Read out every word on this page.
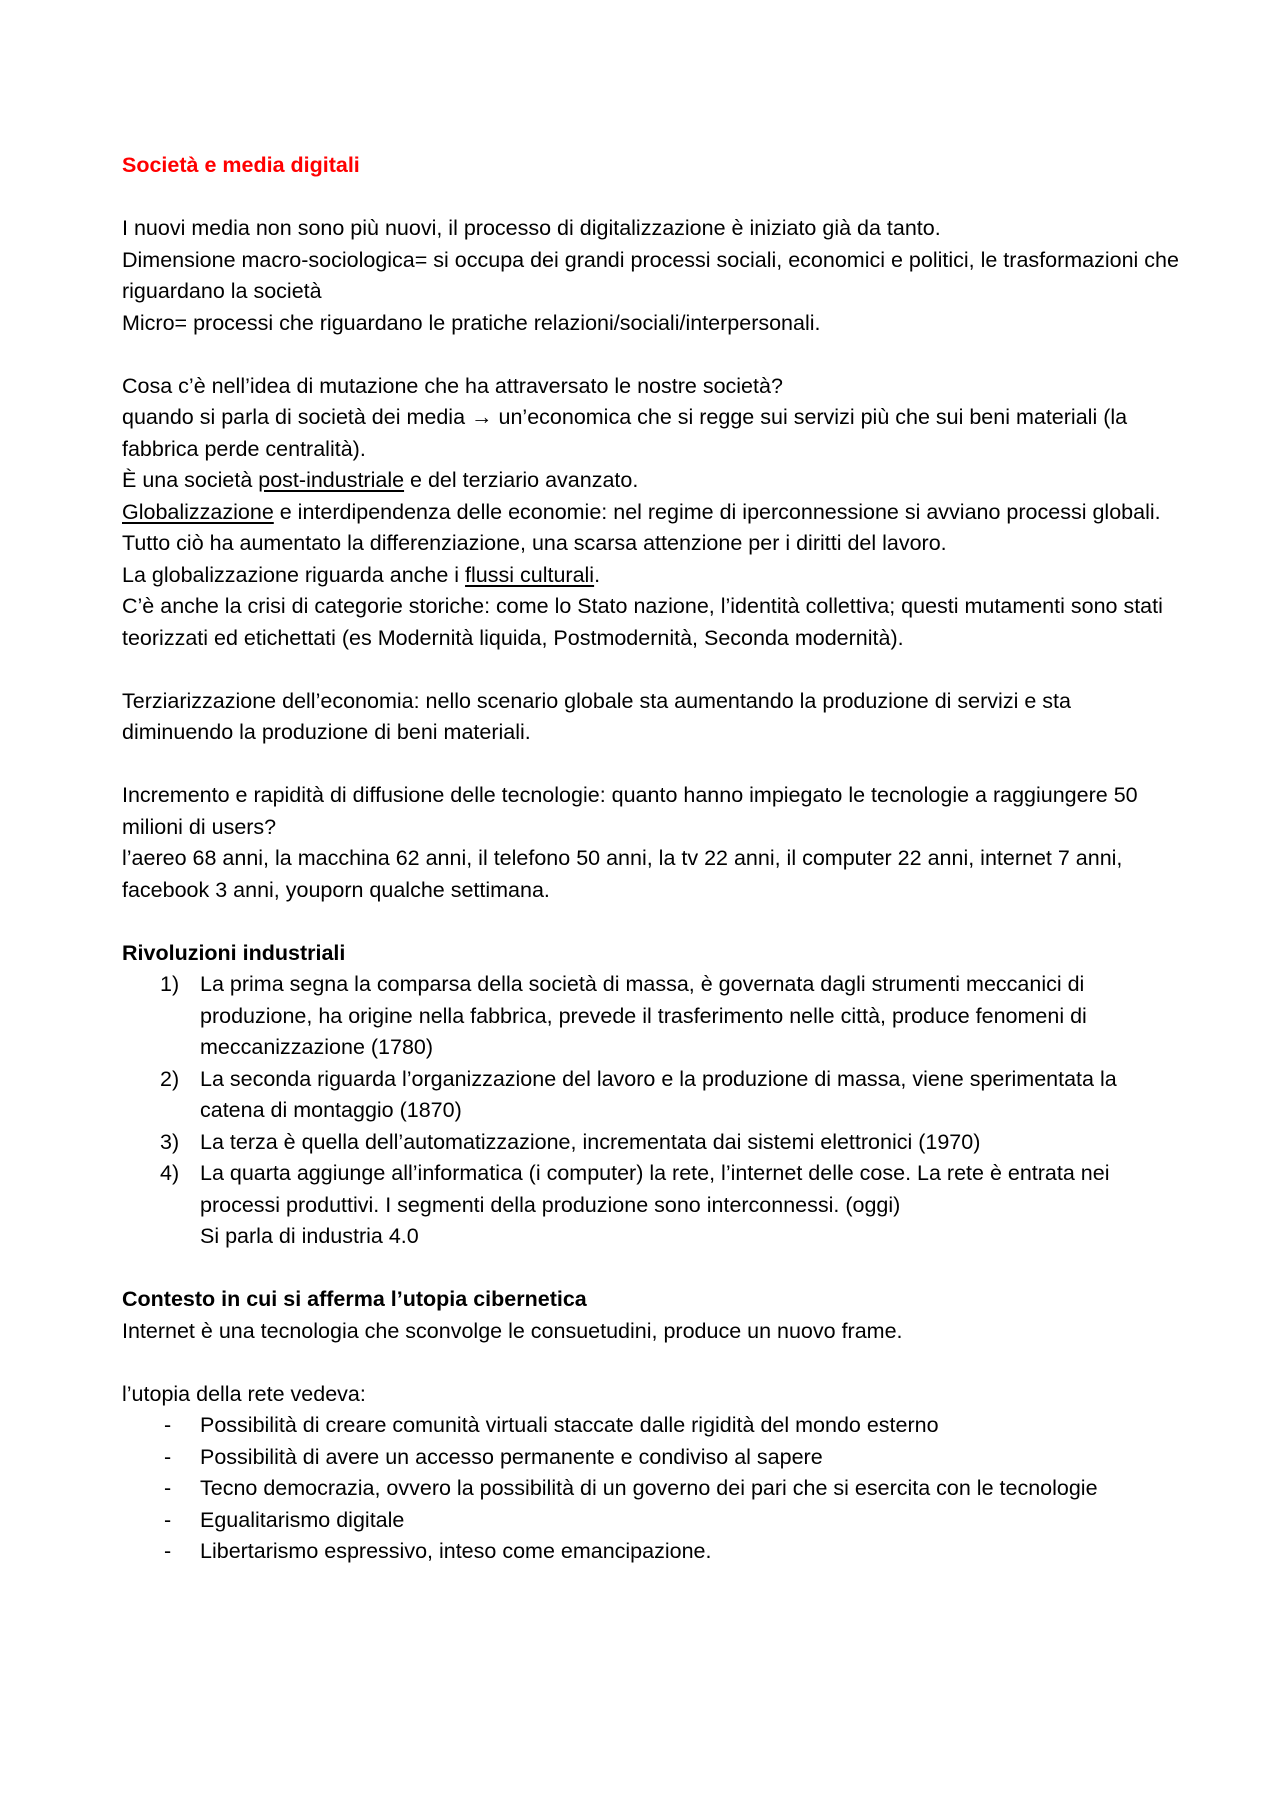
Società e media digitali

I nuovi media non sono più nuovi, il processo di digitalizzazione è iniziato già da tanto.

Dimensione macro-sociologica= si occupa dei grandi processi sociali, economici e politici, le trasformazioni che riguardano la società

Micro= processi che riguardano le pratiche relazioni/sociali/interpersonali.

Cosa c’è nell’idea di mutazione che ha attraversato le nostre società?

quando si parla di società dei media → un’economica che si regge sui servizi più che sui beni materiali (la fabbrica perde centralità).

È una società post-industriale e del terziario avanzato.

Globalizzazione e interdipendenza delle economie: nel regime di iperconnessione si avviano processi globali.

Tutto ciò ha aumentato la differenziazione, una scarsa attenzione per i diritti del lavoro.

La globalizzazione riguarda anche i flussi culturali.

C’è anche la crisi di categorie storiche: come lo Stato nazione, l’identità collettiva; questi mutamenti sono stati teorizzati ed etichettati (es Modernità liquida, Postmodernità, Seconda modernità).

Terziarizzazione dell’economia: nello scenario globale sta aumentando la produzione di servizi e sta diminuendo la produzione di beni materiali.

Incremento e rapidità di diffusione delle tecnologie: quanto hanno impiegato le tecnologie a raggiungere 50 milioni di users?

l’aereo 68 anni, la macchina 62 anni, il telefono 50 anni, la tv 22 anni, il computer 22 anni, internet 7 anni, facebook 3 anni, youporn qualche settimana.

Rivoluzioni industriali
1) La prima segna la comparsa della società di massa, è governata dagli strumenti meccanici di produzione, ha origine nella fabbrica, prevede il trasferimento nelle città, produce fenomeni di meccanizzazione (1780)
2) La seconda riguarda l’organizzazione del lavoro e la produzione di massa, viene sperimentata la catena di montaggio (1870)
3) La terza è quella dell’automatizzazione, incrementata dai sistemi elettronici (1970)
4) La quarta aggiunge all’informatica (i computer) la rete, l’internet delle cose. La rete è entrata nei processi produttivi. I segmenti della produzione sono interconnessi. (oggi)
Si parla di industria 4.0
Contesto in cui si afferma l’utopia cibernetica

Internet è una tecnologia che sconvolge le consuetudini, produce un nuovo frame.

l’utopia della rete vedeva:

- Possibilità di creare comunità virtuali staccate dalle rigidità del mondo esterno
- Possibilità di avere un accesso permanente e condiviso al sapere
- Tecno democrazia, ovvero la possibilità di un governo dei pari che si esercita con le tecnologie
- Egualitarismo digitale
- Libertarismo espressivo, inteso come emancipazione.
